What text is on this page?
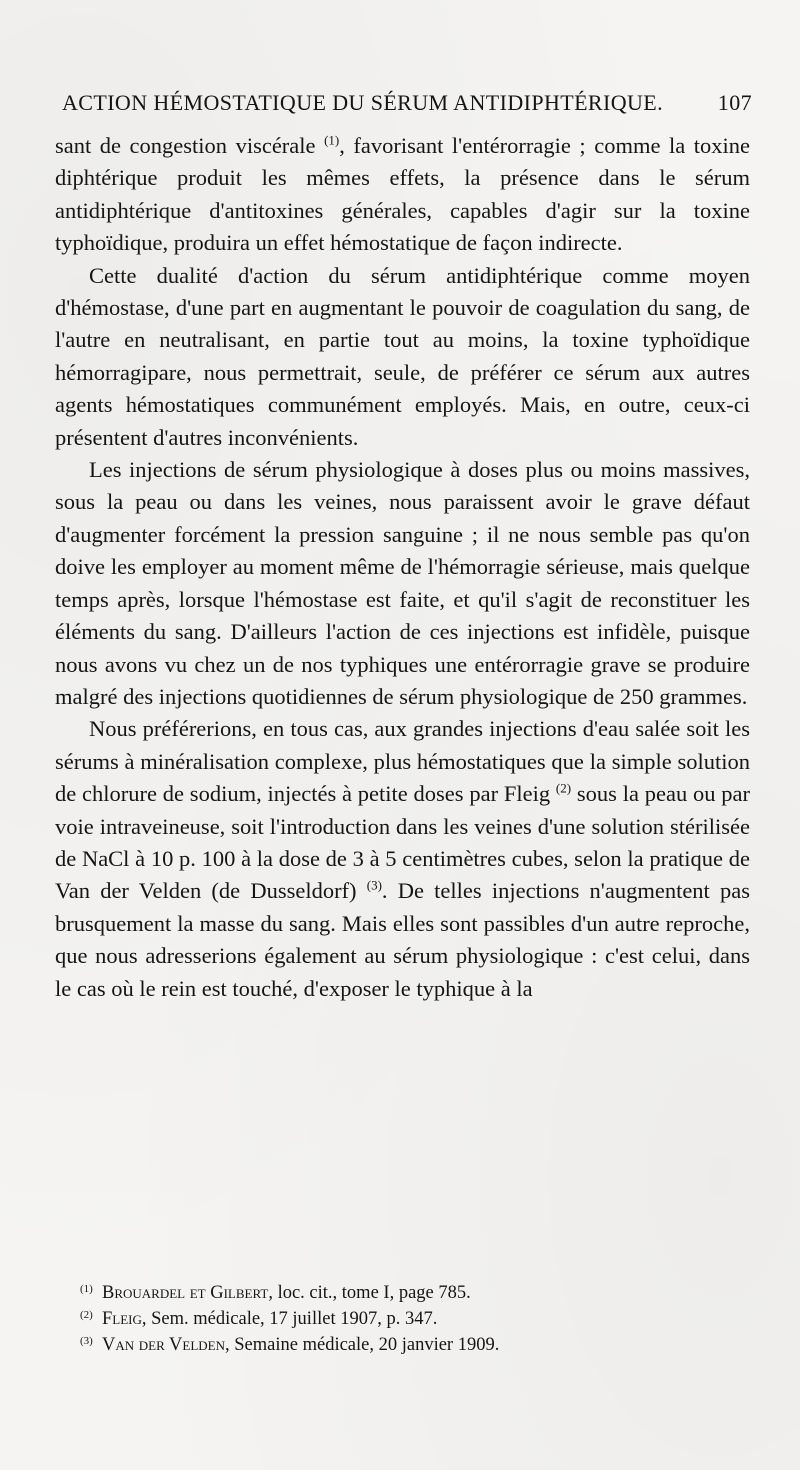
ACTION HÉMOSTATIQUE DU SÉRUM ANTIDIPHTÉRIQUE. 107

sant de congestion viscérale $^{(1)}$, favorisant l'entérorragie ; comme la toxine diphtérique produit les mêmes effets, la présence dans le sérum antidiphtérique d'antitoxines générales, capables d'agir sur la toxine typhoïdique, produira un effet hémostatique de façon indirecte.

Cette dualité d'action du sérum antidiphtérique comme moyen d'hémostase, d'une part en augmentant le pouvoir de coagulation du sang, de l'autre en neutralisant, en partie tout au moins, la toxine typhoïdique hémorragipare, nous permettrait, seule, de préférer ce sérum aux autres agents hémostatiques communément employés. Mais, en outre, ceux-ci présentent d'autres inconvénients.

Les injections de sérum physiologique à doses plus ou moins massives, sous la peau ou dans les veines, nous paraissent avoir le grave défaut d'augmenter forcément la pression sanguine ; il ne nous semble pas qu'on doive les employer au moment même de l'hémorragie sérieuse, mais quelque temps après, lorsque l'hémostase est faite, et qu'il s'agit de reconstituer les éléments du sang. D'ailleurs l'action de ces injections est infidèle, puisque nous avons vu chez un de nos typhiques une entérorragie grave se produire malgré des injections quotidiennes de sérum physiologique de 250 grammes.

Nous préférerions, en tous cas, aux grandes injections d'eau salée soit les sérums à minéralisation complexe, plus hémostatiques que la simple solution de chlorure de sodium, injectés à petite doses par Fleig $^{(2)}$ sous la peau ou par voie intraveineuse, soit l'introduction dans les veines d'une solution stérilisée de NaCl à 10 p. 100 à la dose de 3 à 5 centimètres cubes, selon la pratique de Van der Velden (de Dusseldorf) $^{(3)}$. De telles injections n'augmentent pas brusquement la masse du sang. Mais elles sont passibles d'un autre reproche, que nous adresserions également au sérum physiologique : c'est celui, dans le cas où le rein est touché, d'exposer le typhique à la

(1) Brouardel et Gilbert, loc. cit., tome I, page 785.
(2) Fleig, Sem. médicale, 17 juillet 1907, p. 347.
(3) Van der Velden, Semaine médicale, 20 janvier 1909.
